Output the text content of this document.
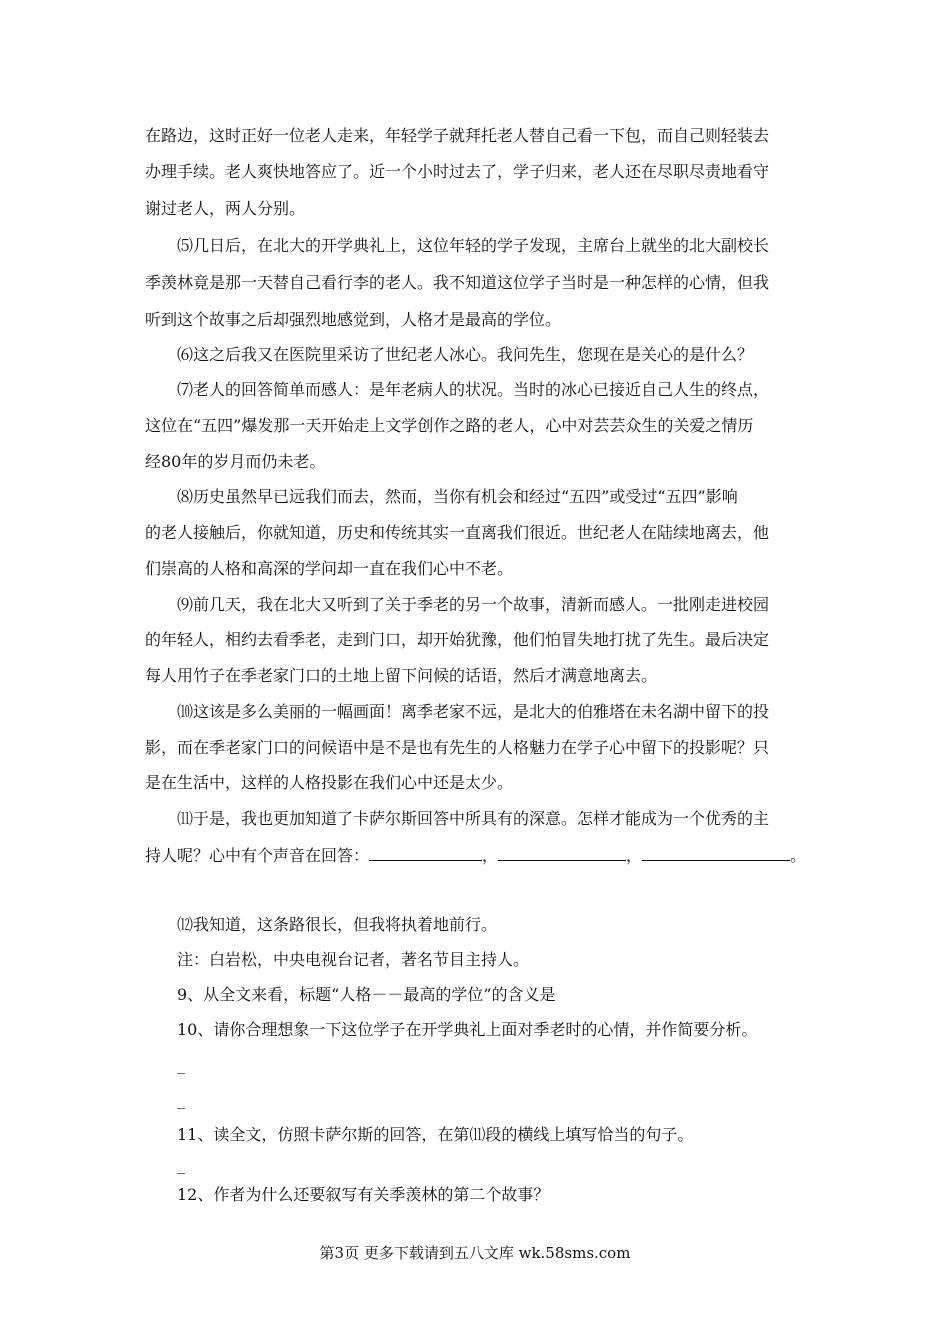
在路边，这时正好一位老人走来，年轻学子就拜托老人替自己看一下包，而自己则轻装去

办理手续。老人爽快地答应了。近一个小时过去了，学子归来，老人还在尽职尽责地看守

谢过老人，两人分别。

⑸几日后，在北大的开学典礼上，这位年轻的学子发现，主席台上就坐的北大副校长

季羡林竟是那一天替自己看行李的老人。我不知道这位学子当时是一种怎样的心情，但我

听到这个故事之后却强烈地感觉到，人格才是最高的学位。

⑹这之后我又在医院里采访了世纪老人冰心。我问先生，您现在是关心的是什么？

⑺老人的回答简单而感人：是年老病人的状况。当时的冰心已接近自己人生的终点，

这位在“五四”爆发那一天开始走上文学创作之路的老人，心中对芸芸众生的关爱之情历

经80年的岁月而仍未老。

⑻历史虽然早已远我们而去，然而，当你有机会和经过“五四”或受过“五四”影响

的老人接触后，你就知道，历史和传统其实一直离我们很近。世纪老人在陆续地离去，他

们崇高的人格和高深的学问却一直在我们心中不老。

⑼前几天，我在北大又听到了关于季老的另一个故事，清新而感人。一批刚走进校园

的年轻人，相约去看季老，走到门口，却开始犹豫，他们怕冒失地打扰了先生。最后决定

每人用竹子在季老家门口的土地上留下问候的话语，然后才满意地离去。

⑽这该是多么美丽的一幅画面！离季老家不远，是北大的伯雅塔在未名湖中留下的投

影，而在季老家门口的问候语中是不是也有先生的人格魅力在学子心中留下的投影呢？只

是在生活中，这样的人格投影在我们心中还是太少。

⑾于是，我也更加知道了卡萨尔斯回答中所具有的深意。怎样才能成为一个优秀的主

持人呢？心中有个声音在回答：	，	，	。

⑿我知道，这条路很长，但我将执着地前行。

注：白岩松，中央电视台记者，著名节目主持人。

9、从全文来看，标题“人格－－最高的学位”的含义是

10、请你合理想象一下这位学子在开学典礼上面对季老时的心情，并作简要分析。

_

_

11、读全文，仿照卡萨尔斯的回答，在第⑾段的横线上填写恰当的句子。

_

12、作者为什么还要叙写有关季羡林的第二个故事？

第3页 更多下载请到五八文库 wk.58sms.com
